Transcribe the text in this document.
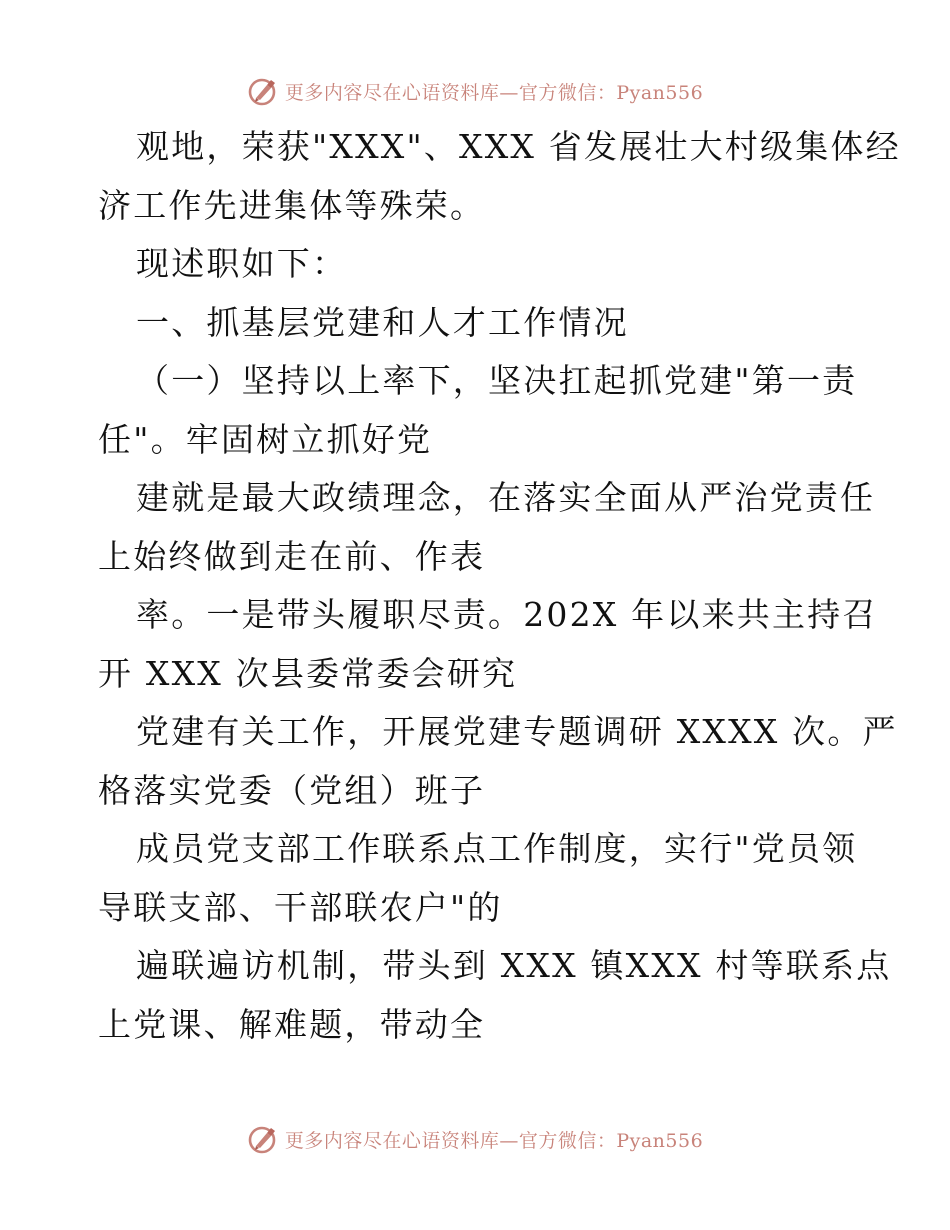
更多内容尽在心语资料库—官方微信：Pyan556
观地，荣获"XXX"、XXX 省发展壮大村级集体经
济工作先进集体等殊荣。
现述职如下：
一、抓基层党建和人才工作情况
（一）坚持以上率下，坚决扛起抓党建"第一责
任"。牢固树立抓好党
建就是最大政绩理念，在落实全面从严治党责任
上始终做到走在前、作表
率。一是带头履职尽责。202X 年以来共主持召
开 XXX 次县委常委会研究
党建有关工作，开展党建专题调研 XXXX 次。严
格落实党委（党组）班子
成员党支部工作联系点工作制度，实行"党员领
导联支部、干部联农户"的
遍联遍访机制，带头到 XXX 镇XXX 村等联系点
上党课、解难题，带动全
更多内容尽在心语资料库—官方微信：Pyan556
